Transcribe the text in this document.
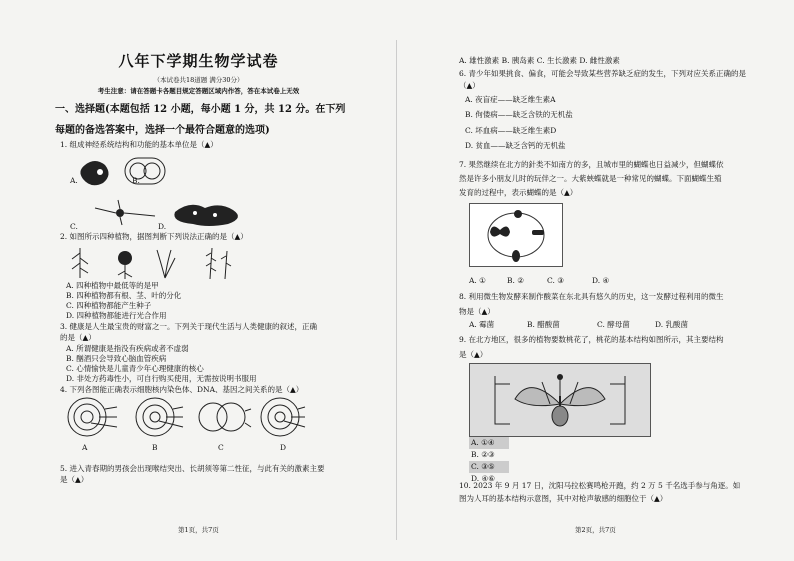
八年下学期生物学试卷
（本试卷共18道题 满分30分）
考生注意：请在答题卡各题目规定答题区域内作答，答在本试卷上无效
一、选择题(本题包括 12 小题，每小题 1 分，共 12 分。在下列
每题的备选答案中，选择一个最符合题意的选项)
1. 组成神经系统结构和功能的基本单位是（▲）
A.	B.
C.	D.
2. 如图所示四种植物，据图判断下列说法正确的是（▲）
A. 四种植物中最低等的是甲
B. 四种植物都有根、茎、叶的分化
C. 四种植物都能产生种子
D. 四种植物都能进行光合作用
3. 健康是人生最宝贵的财富之一。下列关于现代生活与人类健康的叙述，正确
的是（▲）
A. 所谓健康是指没有疾病或者不虚弱
B. 酗酒只会导致心脑血管疾病
C. 心情愉快是儿童青少年心理健康的核心
D. 非处方药毒性小，可自行购买使用，无需按说明书服用
4. 下列各图能正确表示细胞核内染色体、DNA、基因之间关系的是（▲）
A	B	C	D
5. 进入青春期的男孩会出现喉结突出、长胡须等第二性征，与此有关的激素主要
是（▲）
第1页，共7页
A. 雄性激素 B. 胰岛素 C. 生长激素 D. 雌性激素
6. 青少年如果挑食、偏食，可能会导致某些营养缺乏症的发生，下列对应关系正确的是
（▲）
A. 夜盲症——缺乏维生素A
B. 佝偻病——缺乏含铁的无机盐
C. 坏血病——缺乏维生素D
D. 贫血——缺乏含钙的无机盐
7. 果然继续在北方的針类不如南方的多，且城市里的蝴蝶也日益减少，但蝴蝶依
然是许多小朋友儿时的玩伴之一。大紫蛱蝶就是一种常见的蝴蝶。下面蝴蝶生殖
发育的过程中，表示蝴蝶的是（▲）
A. ①	B. ②	C. ③	D. ④
8. 利用微生物发酵来制作酸菜在东北具有悠久的历史，这一发酵过程利用的微生
物是（▲）
A. 霉菌	B. 醋酸菌	C. 酵母菌	D. 乳酸菌
9. 在北方地区，很多的植物要数桃花了，桃花的基本结构如图所示，其主要结构
是（▲）
A. ①④
B. ②③
C. ③⑤
D. ④⑥
10. 2023 年 9 月 17 日，沈阳马拉松赛鸣枪开跑，约 2 万 5 千名选手参与角逐。如
图为人耳的基本结构示意图，其中对枪声敏感的细胞位于（▲）
第2页，共7页
